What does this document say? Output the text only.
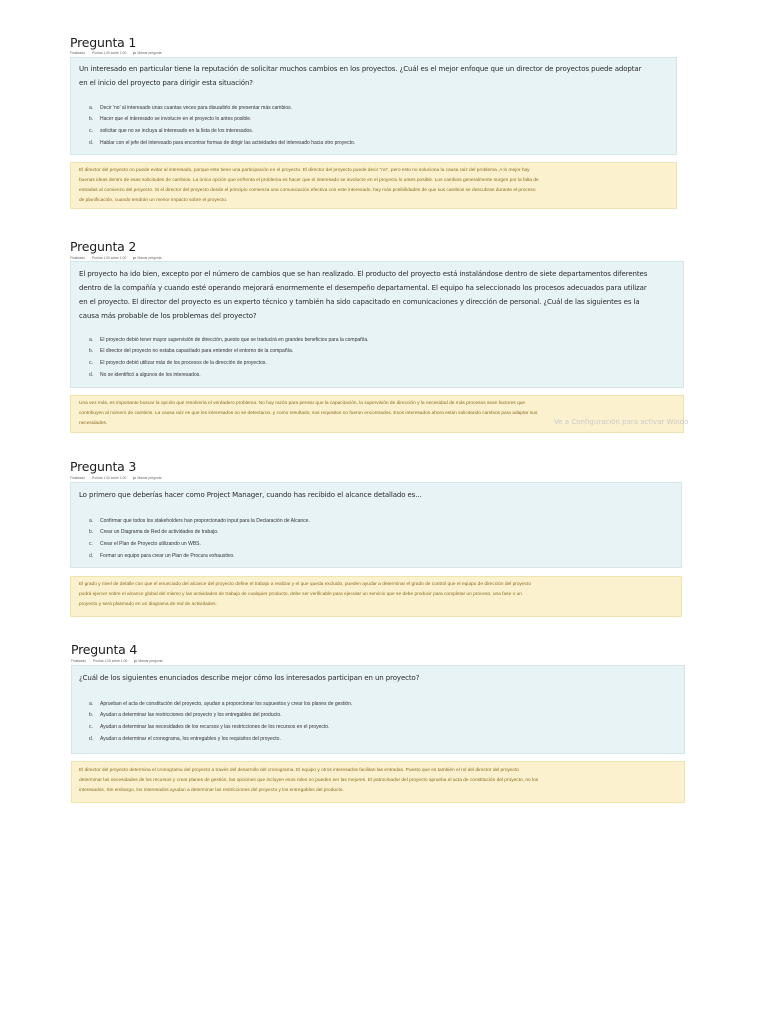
Pregunta 1
Finalizado Puntúa 1,00 sobre 1,00	Marcar pregunta
Un interesado en particular tiene la reputación de solicitar muchos cambios en los proyectos. ¿Cuál es el mejor enfoque que un director de proyectos puede adoptar
en el inicio del proyecto para dirigir esta situación?
a.	Decir 'no' al interesado unas cuantas veces para disuadirlo de presentar más cambios.
b.	Hacer que el interesado se involucre en el proyecto lo antes posible.
c.	solicitar que no se incluya al interesado en la lista de los interesados.
d.	Hablar con el jefe del interesado para encontrar formas de dirigir las actividades del interesado hacia otro proyecto.
El director del proyecto no puede evitar al interesado, porque este tiene una participación en el proyecto. El director del proyecto puede decir "no", pero esto no soluciona la causa raíz del problema. A lo mejor hay
buenas ideas dentro de esas solicitudes de cambios. La única opción que enfrenta el problema es hacer que el interesado se involucre en el proyecto lo antes posible. Los cambios generalmente surgen por la falta de
entradas al comienzo del proyecto. Si el director del proyecto desde el principio comienza una comunicación efectiva con este interesado, hay más posibilidades de que sus cambios se descubran durante el proceso
de planificación, cuando tendrán un menor impacto sobre el proyecto.
Pregunta 2
Finalizado Puntúa 1,00 sobre 1,00	Marcar pregunta
El proyecto ha ido bien, excepto por el número de cambios que se han realizado. El producto del proyecto está instalándose dentro de siete departamentos diferentes
dentro de la compañía y cuando esté operando mejorará enormemente el desempeño departamental. El equipo ha seleccionado los procesos adecuados para utilizar
en el proyecto. El director del proyecto es un experto técnico y también ha sido capacitado en comunicaciones y dirección de personal. ¿Cuál de las siguientes es la
causa más probable de los problemas del proyecto?
a.	El proyecto debió tener mayor supervisión de dirección, puesto que se traducirá en grandes beneficios para la compañía.
b.	El director del proyecto no estaba capacitado para entender el entorno de la compañía.
c.	El proyecto debió utilizar más de los procesos de la dirección de proyectos.
d.	No se identificó a algunos de los interesados.
Una vez más, es importante buscar la opción que resolvería el verdadero problema. No hay razón para pensar que la capacitación, la supervisión de dirección y la necesidad de más procesos sean factores que
contribuyen al número de cambios. La causa raíz es que los interesados no se detectaron, y como resultado, sus requisitos no fueron encontrados. Esos interesados ahora están solicitando cambios para adaptar sus
necesidades.
Pregunta 3
Finalizado Puntúa 1,00 sobre 1,00	Marcar pregunta
Lo primero que deberías hacer como Project Manager, cuando has recibido el alcance detallado es...
a.	Confirmar que todos los stakeholders han proporcionado input para la Declaración de Alcance.
b.	Crear un Diagrama de Red de actividades de trabajo.
c.	Crear el Plan de Proyecto utilizando un WBS.
d.	Formar un equipo para crear un Plan de Procura exhaustivo.
El grado y nivel de detalle con que el enunciado del alcance del proyecto define el trabajo a realizar y el que queda excluido, pueden ayudar a determinar el grado de control que el equipo de dirección del proyecto
podrá ejercer sobre el alcance global del mismo y las actividades de trabajo de cualquier producto, debe ser verificable para ejecutar un servicio que se debe producir para completar un proceso, una fase o un
proyecto y será plasmado en un diagrama de red de actividades.
Pregunta 4
Finalizado Puntúa 1,00 sobre 1,00	Marcar pregunta
¿Cuál de los siguientes enunciados describe mejor cómo los interesados participan en un proyecto?
a.	Aprueban el acta de constitución del proyecto, ayudan a proporcionar los supuestos y crear los planes de gestión.
b.	Ayudan a determinar las restricciones del proyecto y los entregables del producto.
c.	Ayudan a determinar las necesidades de los recursos y las restricciones de los recursos en el proyecto.
d.	Ayudan a determinar el cronograma, los entregables y los requisitos del proyecto.
El director del proyecto determina el cronograma del proyecto a través del desarrollo del cronograma. El equipo y otros interesados facilitan las entradas. Puesto que es también el rol del director del proyecto
determinar las necesidades de los recursos y crear planes de gestión, las opciones que incluyen esos roles no pueden ser las mejores. El patrocinador del proyecto aprueba el acta de constitución del proyecto, no los
interesados. Sin embargo, los interesados ayudan a determinar las restricciones del proyecto y los entregables del producto.
Ve a Configuración para activar Windo
